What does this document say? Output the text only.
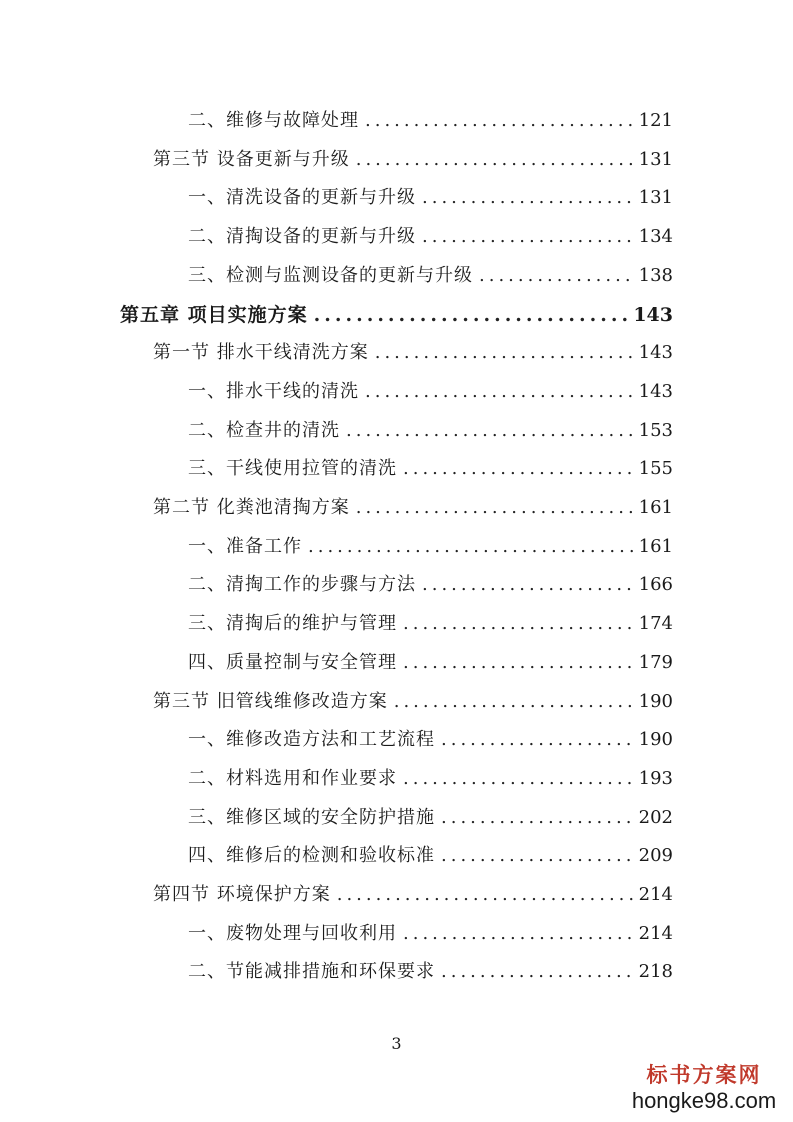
二、维修与故障处理 .....	121
第三节 设备更新与升级 .....	131
一、清洗设备的更新与升级 .....	131
二、清掏设备的更新与升级 .....	134
三、检测与监测设备的更新与升级 .....	138
第五章 项目实施方案 .....	143
第一节 排水干线清洗方案 .....	143
一、排水干线的清洗 .....	143
二、检查井的清洗 .....	153
三、干线使用拉管的清洗 .....	155
第二节 化粪池清掏方案 .....	161
一、准备工作 .....	161
二、清掏工作的步骤与方法 .....	166
三、清掏后的维护与管理 .....	174
四、质量控制与安全管理 .....	179
第三节 旧管线维修改造方案 .....	190
一、维修改造方法和工艺流程 .....	190
二、材料选用和作业要求 .....	193
三、维修区域的安全防护措施 .....	202
四、维修后的检测和验收标准 .....	209
第四节 环境保护方案 .....	214
一、废物处理与回收利用 .....	214
二、节能减排措施和环保要求 .....	218
3
标书方案网
hongke98.com
